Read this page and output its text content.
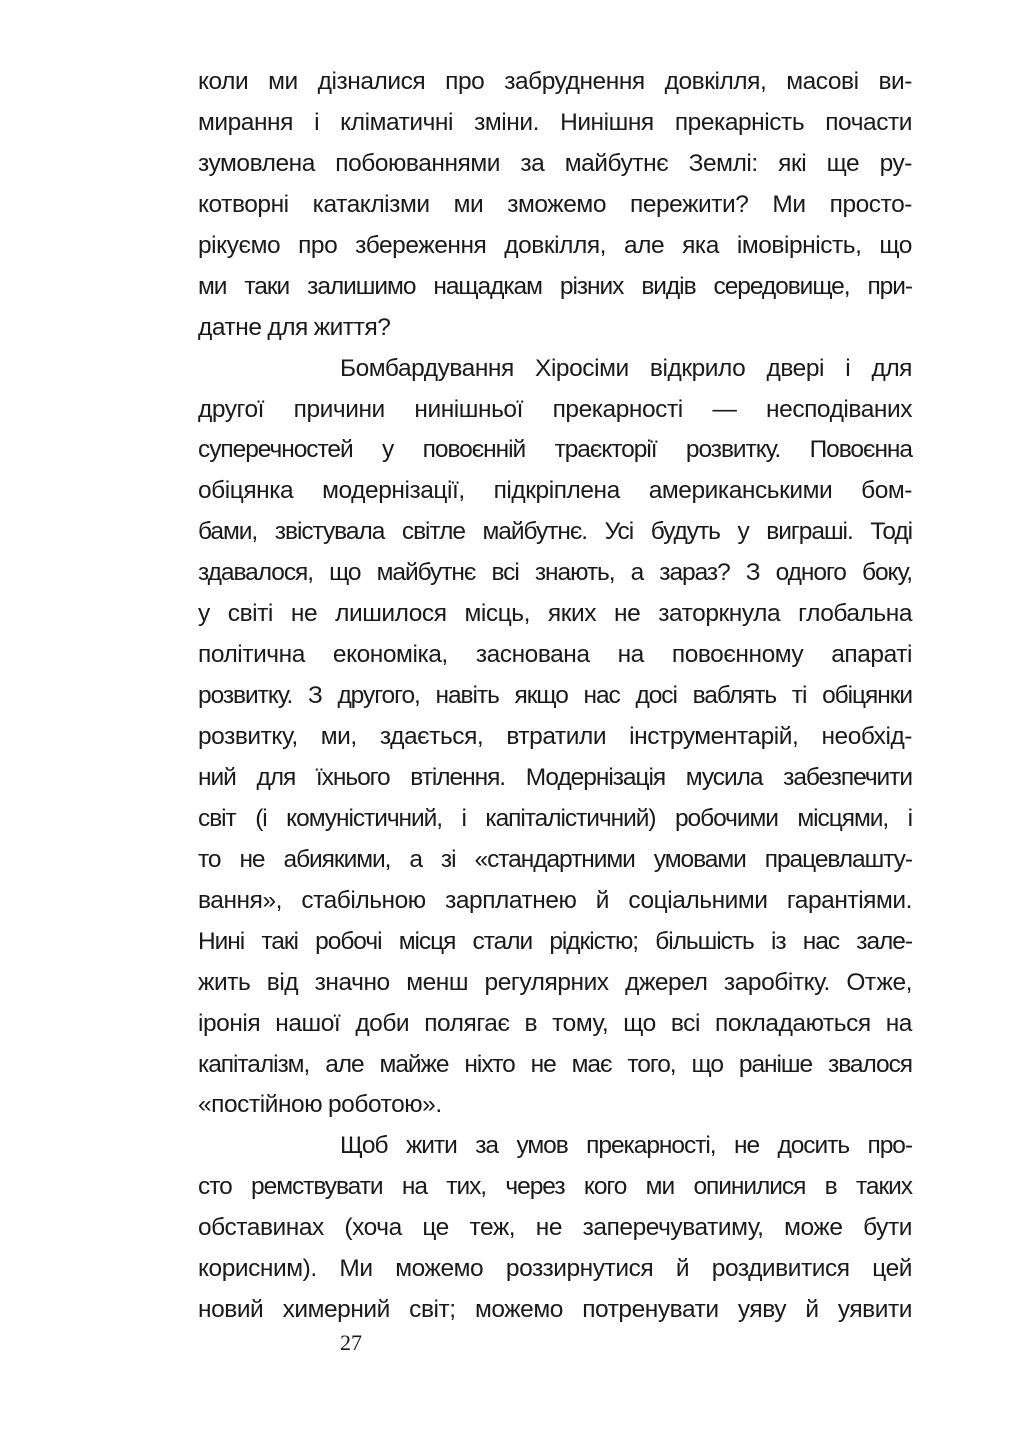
коли ми дізналися про забруднення довкілля, масові ви-
мирання і кліматичні зміни. Нинішня прекарність почасти
зумовлена побоюваннями за майбутнє Землі: які ще ру-
котворні катаклізми ми зможемо пережити? Ми просто-
рікуємо про збереження довкілля, але яка імовірність, що
ми таки залишимо нащадкам різних видів середовище, при-
датне для життя?
Бомбардування Хіросіми відкрило двері і для
другої причини нинішньої прекарності — несподіваних
суперечностей у повоєнній траєкторії розвитку. Повоєнна
обіцянка модернізації, підкріплена американськими бом-
бами, звістувала світле майбутнє. Усі будуть у виграші. Тоді
здавалося, що майбутнє всі знають, а зараз? З одного боку,
у світі не лишилося місць, яких не заторкнула глобальна
політична економіка, заснована на повоєнному апараті
розвитку. З другого, навіть якщо нас досі ваблять ті обіцянки
розвитку, ми, здається, втратили інструментарій, необхід-
ний для їхнього втілення. Модернізація мусила забезпечити
світ (і комуністичний, і капіталістичний) робочими місцями, і
то не абиякими, а зі «стандартними умовами працевлашту-
вання», стабільною зарплатнею й соціальними гарантіями.
Нині такі робочі місця стали рідкістю; більшість із нас зале-
жить від значно менш регулярних джерел заробітку. Отже,
іронія нашої доби полягає в тому, що всі покладаються на
капіталізм, але майже ніхто не має того, що раніше звалося
«постійною роботою».
Щоб жити за умов прекарності, не досить про-
сто ремствувати на тих, через кого ми опинилися в таких
обставинах (хоча це теж, не заперечуватиму, може бути
корисним). Ми можемо роззирнутися й роздивитися цей
новий химерний світ; можемо потренувати уяву й уявити
27
